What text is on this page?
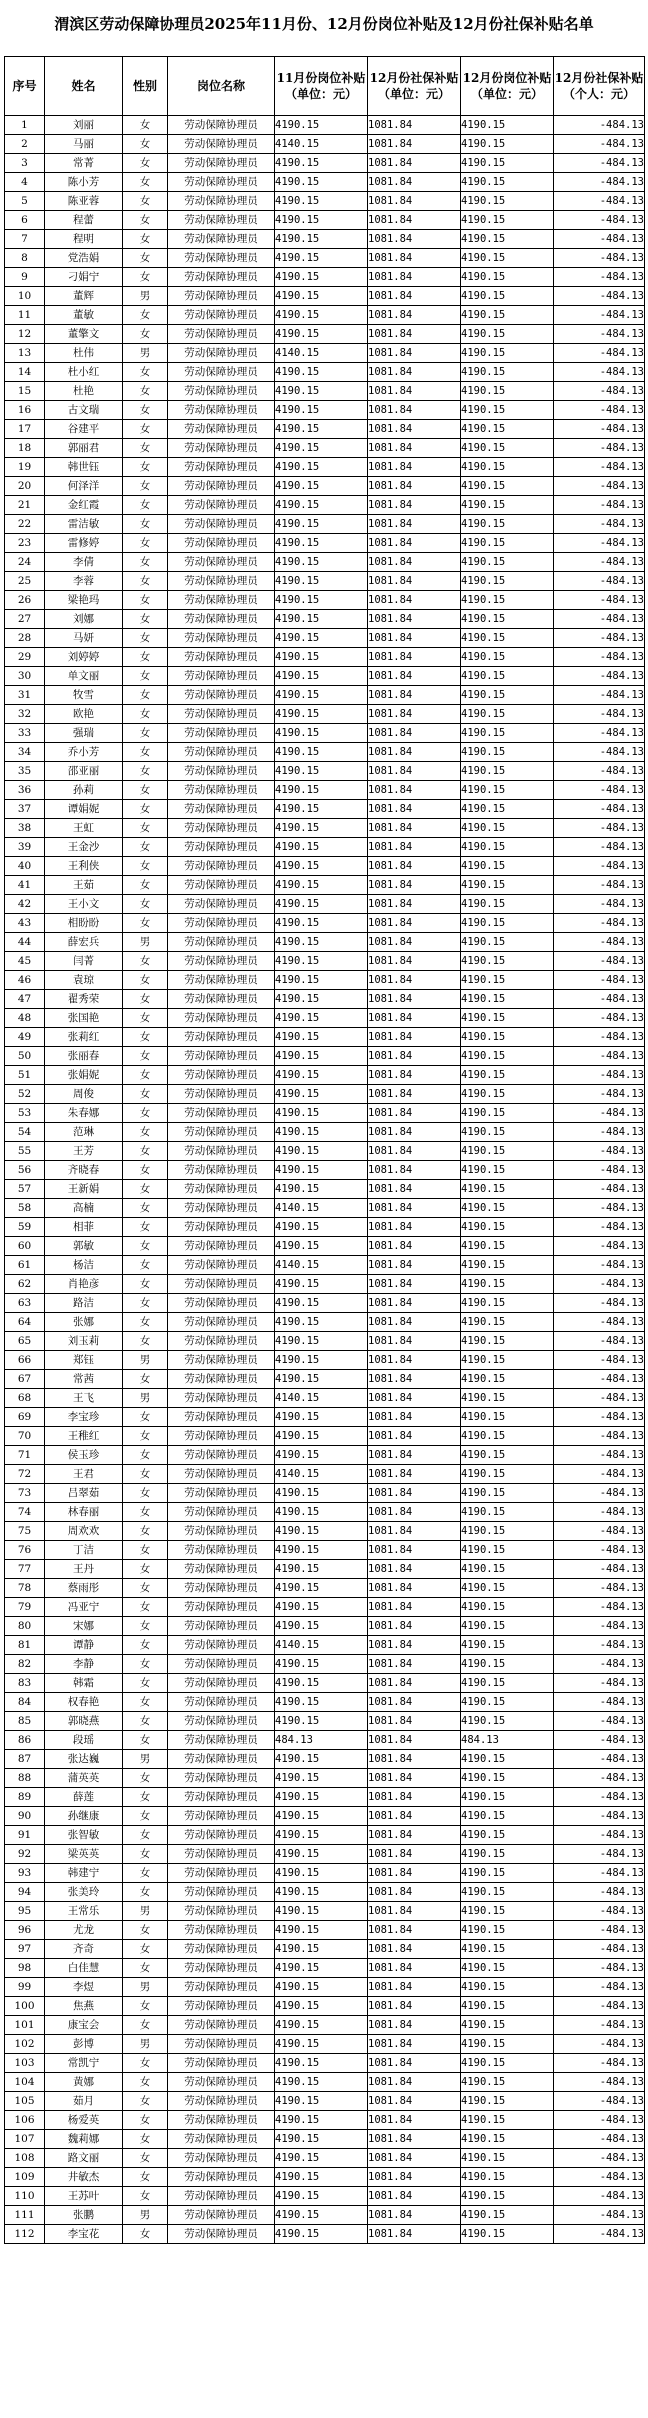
渭滨区劳动保障协理员2025年11月份、12月份岗位补贴及12月份社保补贴名单
序号	姓名	性别	岗位名称	11月份岗位补贴（单位：元）	12月份社保补贴（单位：元）	12月份岗位补贴（单位：元）	12月份社保补贴（个人：元）
1	刘丽	女	劳动保障协理员	4190.15	1081.84	4190.15	-484.13
2	马丽	女	劳动保障协理员	4140.15	1081.84	4190.15	-484.13
3	常菁	女	劳动保障协理员	4190.15	1081.84	4190.15	-484.13
4	陈小芳	女	劳动保障协理员	4190.15	1081.84	4190.15	-484.13
5	陈亚蓉	女	劳动保障协理员	4190.15	1081.84	4190.15	-484.13
6	程蕾	女	劳动保障协理员	4190.15	1081.84	4190.15	-484.13
7	程明	女	劳动保障协理员	4190.15	1081.84	4190.15	-484.13
8	党浩娟	女	劳动保障协理员	4190.15	1081.84	4190.15	-484.13
9	刁娟宁	女	劳动保障协理员	4190.15	1081.84	4190.15	-484.13
10	董辉	男	劳动保障协理员	4190.15	1081.84	4190.15	-484.13
11	董敏	女	劳动保障协理员	4190.15	1081.84	4190.15	-484.13
12	董擎文	女	劳动保障协理员	4190.15	1081.84	4190.15	-484.13
13	杜伟	男	劳动保障协理员	4140.15	1081.84	4190.15	-484.13
14	杜小红	女	劳动保障协理员	4190.15	1081.84	4190.15	-484.13
15	杜艳	女	劳动保障协理员	4190.15	1081.84	4190.15	-484.13
16	古文瑞	女	劳动保障协理员	4190.15	1081.84	4190.15	-484.13
17	谷建平	女	劳动保障协理员	4190.15	1081.84	4190.15	-484.13
18	郭丽君	女	劳动保障协理员	4190.15	1081.84	4190.15	-484.13
19	韩世钰	女	劳动保障协理员	4190.15	1081.84	4190.15	-484.13
20	何泽洋	女	劳动保障协理员	4190.15	1081.84	4190.15	-484.13
21	金红霞	女	劳动保障协理员	4190.15	1081.84	4190.15	-484.13
22	雷洁敏	女	劳动保障协理员	4190.15	1081.84	4190.15	-484.13
23	雷修婷	女	劳动保障协理员	4190.15	1081.84	4190.15	-484.13
24	李倩	女	劳动保障协理员	4190.15	1081.84	4190.15	-484.13
25	李蓉	女	劳动保障协理员	4190.15	1081.84	4190.15	-484.13
26	梁艳玛	女	劳动保障协理员	4190.15	1081.84	4190.15	-484.13
27	刘娜	女	劳动保障协理员	4190.15	1081.84	4190.15	-484.13
28	马妍	女	劳动保障协理员	4190.15	1081.84	4190.15	-484.13
29	刘婷婷	女	劳动保障协理员	4190.15	1081.84	4190.15	-484.13
30	单文丽	女	劳动保障协理员	4190.15	1081.84	4190.15	-484.13
31	牧雪	女	劳动保障协理员	4190.15	1081.84	4190.15	-484.13
32	欧艳	女	劳动保障协理员	4190.15	1081.84	4190.15	-484.13
33	强瑞	女	劳动保障协理员	4190.15	1081.84	4190.15	-484.13
34	乔小芳	女	劳动保障协理员	4190.15	1081.84	4190.15	-484.13
35	邵亚丽	女	劳动保障协理员	4190.15	1081.84	4190.15	-484.13
36	孙莉	女	劳动保障协理员	4190.15	1081.84	4190.15	-484.13
37	谭娟妮	女	劳动保障协理员	4190.15	1081.84	4190.15	-484.13
38	王虹	女	劳动保障协理员	4190.15	1081.84	4190.15	-484.13
39	王金沙	女	劳动保障协理员	4190.15	1081.84	4190.15	-484.13
40	王利侠	女	劳动保障协理员	4190.15	1081.84	4190.15	-484.13
41	王茹	女	劳动保障协理员	4190.15	1081.84	4190.15	-484.13
42	王小文	女	劳动保障协理员	4190.15	1081.84	4190.15	-484.13
43	相盼盼	女	劳动保障协理员	4190.15	1081.84	4190.15	-484.13
44	薛宏兵	男	劳动保障协理员	4190.15	1081.84	4190.15	-484.13
45	闫菁	女	劳动保障协理员	4190.15	1081.84	4190.15	-484.13
46	袁琼	女	劳动保障协理员	4190.15	1081.84	4190.15	-484.13
47	翟秀荣	女	劳动保障协理员	4190.15	1081.84	4190.15	-484.13
48	张国艳	女	劳动保障协理员	4190.15	1081.84	4190.15	-484.13
49	张莉红	女	劳动保障协理员	4190.15	1081.84	4190.15	-484.13
50	张丽春	女	劳动保障协理员	4190.15	1081.84	4190.15	-484.13
51	张娟妮	女	劳动保障协理员	4190.15	1081.84	4190.15	-484.13
52	周俊	女	劳动保障协理员	4190.15	1081.84	4190.15	-484.13
53	朱春娜	女	劳动保障协理员	4190.15	1081.84	4190.15	-484.13
54	范琳	女	劳动保障协理员	4190.15	1081.84	4190.15	-484.13
55	王芳	女	劳动保障协理员	4190.15	1081.84	4190.15	-484.13
56	齐晓春	女	劳动保障协理员	4190.15	1081.84	4190.15	-484.13
57	王新娟	女	劳动保障协理员	4190.15	1081.84	4190.15	-484.13
58	高楠	女	劳动保障协理员	4140.15	1081.84	4190.15	-484.13
59	相菲	女	劳动保障协理员	4190.15	1081.84	4190.15	-484.13
60	郭敏	女	劳动保障协理员	4190.15	1081.84	4190.15	-484.13
61	杨洁	女	劳动保障协理员	4140.15	1081.84	4190.15	-484.13
62	肖艳彦	女	劳动保障协理员	4190.15	1081.84	4190.15	-484.13
63	路洁	女	劳动保障协理员	4190.15	1081.84	4190.15	-484.13
64	张娜	女	劳动保障协理员	4190.15	1081.84	4190.15	-484.13
65	刘玉莉	女	劳动保障协理员	4190.15	1081.84	4190.15	-484.13
66	郑钰	男	劳动保障协理员	4190.15	1081.84	4190.15	-484.13
67	常茜	女	劳动保障协理员	4190.15	1081.84	4190.15	-484.13
68	王飞	男	劳动保障协理员	4140.15	1081.84	4190.15	-484.13
69	李宝珍	女	劳动保障协理员	4190.15	1081.84	4190.15	-484.13
70	王稚红	女	劳动保障协理员	4190.15	1081.84	4190.15	-484.13
71	侯玉珍	女	劳动保障协理员	4190.15	1081.84	4190.15	-484.13
72	王君	女	劳动保障协理员	4140.15	1081.84	4190.15	-484.13
73	吕翠茹	女	劳动保障协理员	4190.15	1081.84	4190.15	-484.13
74	林春丽	女	劳动保障协理员	4190.15	1081.84	4190.15	-484.13
75	周欢欢	女	劳动保障协理员	4190.15	1081.84	4190.15	-484.13
76	丁洁	女	劳动保障协理员	4190.15	1081.84	4190.15	-484.13
77	王丹	女	劳动保障协理员	4190.15	1081.84	4190.15	-484.13
78	蔡雨彤	女	劳动保障协理员	4190.15	1081.84	4190.15	-484.13
79	冯亚宁	女	劳动保障协理员	4190.15	1081.84	4190.15	-484.13
80	宋娜	女	劳动保障协理员	4190.15	1081.84	4190.15	-484.13
81	谭静	女	劳动保障协理员	4140.15	1081.84	4190.15	-484.13
82	李静	女	劳动保障协理员	4190.15	1081.84	4190.15	-484.13
83	韩霜	女	劳动保障协理员	4190.15	1081.84	4190.15	-484.13
84	权春艳	女	劳动保障协理员	4190.15	1081.84	4190.15	-484.13
85	郭晓燕	女	劳动保障协理员	4190.15	1081.84	4190.15	-484.13
86	段瑶	女	劳动保障协理员	484.13	1081.84	484.13	-484.13
87	张达巍	男	劳动保障协理员	4190.15	1081.84	4190.15	-484.13
88	蒲英英	女	劳动保障协理员	4190.15	1081.84	4190.15	-484.13
89	薛莲	女	劳动保障协理员	4190.15	1081.84	4190.15	-484.13
90	孙继康	女	劳动保障协理员	4190.15	1081.84	4190.15	-484.13
91	张智敏	女	劳动保障协理员	4190.15	1081.84	4190.15	-484.13
92	梁英英	女	劳动保障协理员	4190.15	1081.84	4190.15	-484.13
93	韩建宁	女	劳动保障协理员	4190.15	1081.84	4190.15	-484.13
94	张美玲	女	劳动保障协理员	4190.15	1081.84	4190.15	-484.13
95	王常乐	男	劳动保障协理员	4190.15	1081.84	4190.15	-484.13
96	尤龙	女	劳动保障协理员	4190.15	1081.84	4190.15	-484.13
97	齐奇	女	劳动保障协理员	4190.15	1081.84	4190.15	-484.13
98	白佳慧	女	劳动保障协理员	4190.15	1081.84	4190.15	-484.13
99	李煜	男	劳动保障协理员	4190.15	1081.84	4190.15	-484.13
100	焦燕	女	劳动保障协理员	4190.15	1081.84	4190.15	-484.13
101	康宝会	女	劳动保障协理员	4190.15	1081.84	4190.15	-484.13
102	彭博	男	劳动保障协理员	4190.15	1081.84	4190.15	-484.13
103	常凯宁	女	劳动保障协理员	4190.15	1081.84	4190.15	-484.13
104	黄娜	女	劳动保障协理员	4190.15	1081.84	4190.15	-484.13
105	茹月	女	劳动保障协理员	4190.15	1081.84	4190.15	-484.13
106	杨爱英	女	劳动保障协理员	4190.15	1081.84	4190.15	-484.13
107	魏莉娜	女	劳动保障协理员	4190.15	1081.84	4190.15	-484.13
108	路文丽	女	劳动保障协理员	4190.15	1081.84	4190.15	-484.13
109	井敏杰	女	劳动保障协理员	4190.15	1081.84	4190.15	-484.13
110	王苏叶	女	劳动保障协理员	4190.15	1081.84	4190.15	-484.13
111	张鹏	男	劳动保障协理员	4190.15	1081.84	4190.15	-484.13
112	李宝花	女	劳动保障协理员	4190.15	1081.84	4190.15	-484.13
